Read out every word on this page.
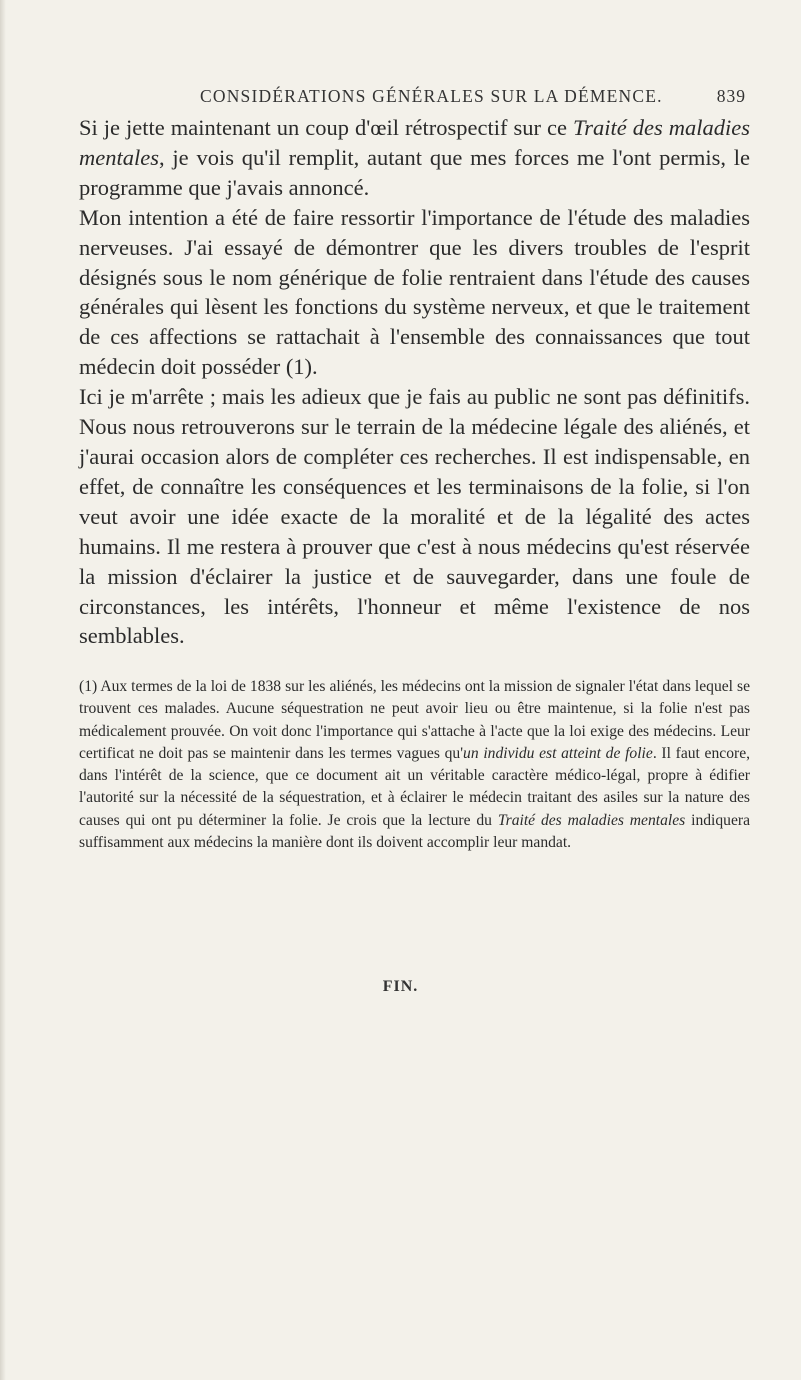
CONSIDÉRATIONS GÉNÉRALES SUR LA DÉMENCE.	839

Si je jette maintenant un coup d'œil rétrospectif sur ce Traité des maladies mentales, je vois qu'il remplit, autant que mes forces me l'ont permis, le programme que j'avais annoncé.

Mon intention a été de faire ressortir l'importance de l'étude des maladies nerveuses. J'ai essayé de démontrer que les divers troubles de l'esprit désignés sous le nom générique de folie rentraient dans l'étude des causes générales qui lèsent les fonctions du système nerveux, et que le traitement de ces affections se rattachait à l'ensemble des connaissances que tout médecin doit posséder (1).

Ici je m'arrête ; mais les adieux que je fais au public ne sont pas définitifs. Nous nous retrouverons sur le terrain de la médecine légale des aliénés, et j'aurai occasion alors de compléter ces recherches. Il est indispensable, en effet, de connaître les conséquences et les terminaisons de la folie, si l'on veut avoir une idée exacte de la moralité et de la légalité des actes humains. Il me restera à prouver que c'est à nous médecins qu'est réservée la mission d'éclairer la justice et de sauvegarder, dans une foule de circonstances, les intérêts, l'honneur et même l'existence de nos semblables.

(1) Aux termes de la loi de 1838 sur les aliénés, les médecins ont la mission de signaler l'état dans lequel se trouvent ces malades. Aucune séquestration ne peut avoir lieu ou être maintenue, si la folie n'est pas médicalement prouvée. On voit donc l'importance qui s'attache à l'acte que la loi exige des médecins. Leur certificat ne doit pas se maintenir dans les termes vagues qu'un individu est atteint de folie. Il faut encore, dans l'intérêt de la science, que ce document ait un véritable caractère médico-légal, propre à édifier l'autorité sur la nécessité de la séquestration, et à éclairer le médecin traitant des asiles sur la nature des causes qui ont pu déterminer la folie. Je crois que la lecture du Traité des maladies mentales indiquera suffisamment aux médecins la manière dont ils doivent accomplir leur mandat.

FIN.
